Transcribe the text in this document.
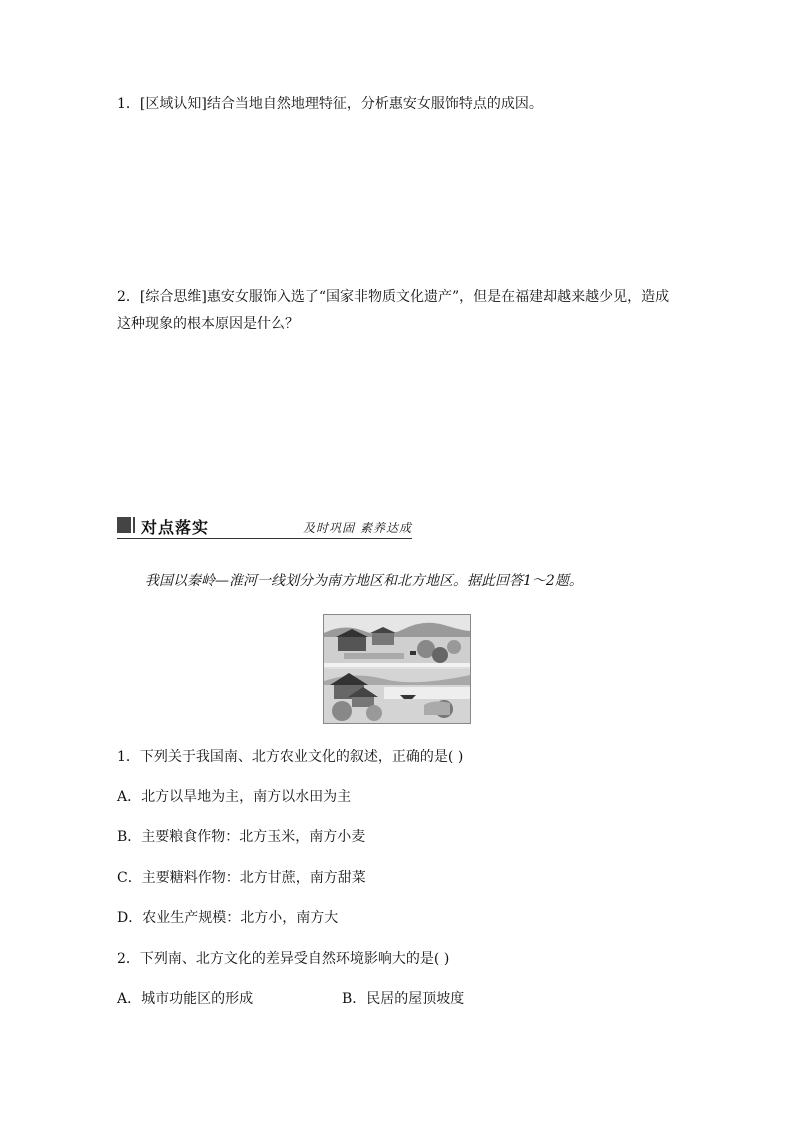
1．[区域认知]结合当地自然地理特征，分析惠安女服饰特点的成因。
2．[综合思维]惠安女服饰入选了“国家非物质文化遗产”，但是在福建却越来越少见，造成
这种现象的根本原因是什么？
对点落实	及时巩固 素养达成
我国以秦岭—淮河一线划分为南方地区和北方地区。据此回答1～2题。
1．下列关于我国南、北方农业文化的叙述，正确的是( )
A．北方以旱地为主，南方以水田为主
B．主要粮食作物：北方玉米，南方小麦
C．主要糖料作物：北方甘蔗，南方甜菜
D．农业生产规模：北方小，南方大
2．下列南、北方文化的差异受自然环境影响大的是( )
A．城市功能区的形成	B．民居的屋顶坡度
